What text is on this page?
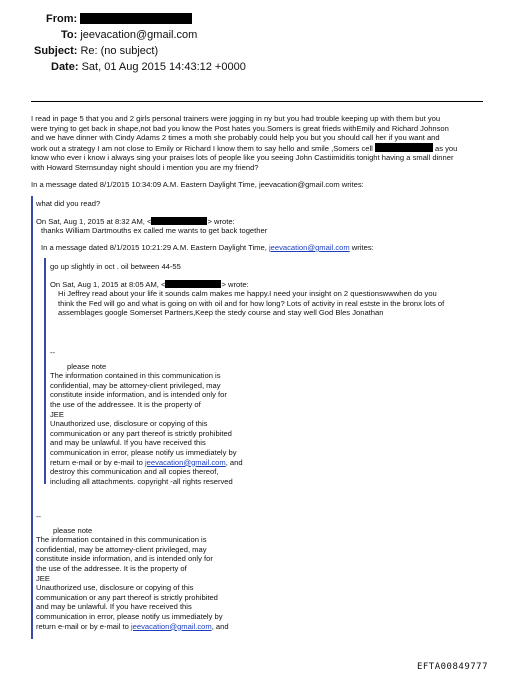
From:
To: jeevacation@gmail.com
Subject: Re: (no subject)
Date: Sat, 01 Aug 2015 14:43:12 +0000

I read in page 5 that you and 2 girls personal trainers were jogging in ny but you had trouble keeping up with them but you

were trying to get back in shape,not bad you know the Post hates you.Somers is great frieds withEmily and Richard Johnson

and we have dinner with Cindy Adams 2 times a moth she probably could help you but you should call her if you want and

work out a strategy I am not close to Emily or Richard I know them to say hello and smile ,Somers cell	as you

know who ever i know i always sing your praises lots of people like you seeing John Castiimiditis tonight having a small dinner

with Howard Sternsunday night should i mention you are my friend?

In a message dated 8/1/2015 10:34:09 A.M. Eastern Daylight Time, jeevacation@gmail.com writes:

what did you read?

On Sat, Aug 1, 2015 at 8:32 AM, <	> wrote:

thanks William Dartmouths ex called me wants to get back together

In a message dated 8/1/2015 10:21:29 A.M. Eastern Daylight Time, jeevacation@gmail.com writes:

go up slightly in oct . oil between 44-55

On Sat, Aug 1, 2015 at 8:05 AM, <	> wrote:

Hi Jeffrey read about your life it sounds calm makes me happy.I need your insight on 2 questionswwwhen do you

think the Fed will go and what is going on with oil and for how long? Lots of activity in real estste in the bronx lots of

assemblages google Somerset Partners,Keep the stedy course and stay well God Bles Jonathan

--

please note

The information contained in this communication is

confidential, may be attorney-client privileged, may

constitute inside information, and is intended only for

the use of the addressee. It is the property of

JEE

Unauthorized use, disclosure or copying of this

communication or any part thereof is strictly prohibited

and may be unlawful. If you have received this

communication in error, please notify us immediately by

return e-mail or by e-mail to jeevacation@gmail.com, and

destroy this communication and all copies thereof,

including all attachments. copyright -all rights reserved

--

please note

The information contained in this communication is

confidential, may be attorney-client privileged, may

constitute inside information, and is intended only for

the use of the addressee. It is the property of

JEE

Unauthorized use, disclosure or copying of this

communication or any part thereof is strictly prohibited

and may be unlawful. If you have received this

communication in error, please notify us immediately by

return e-mail or by e-mail to jeevacation@gmail.com, and

EFTA00849777
